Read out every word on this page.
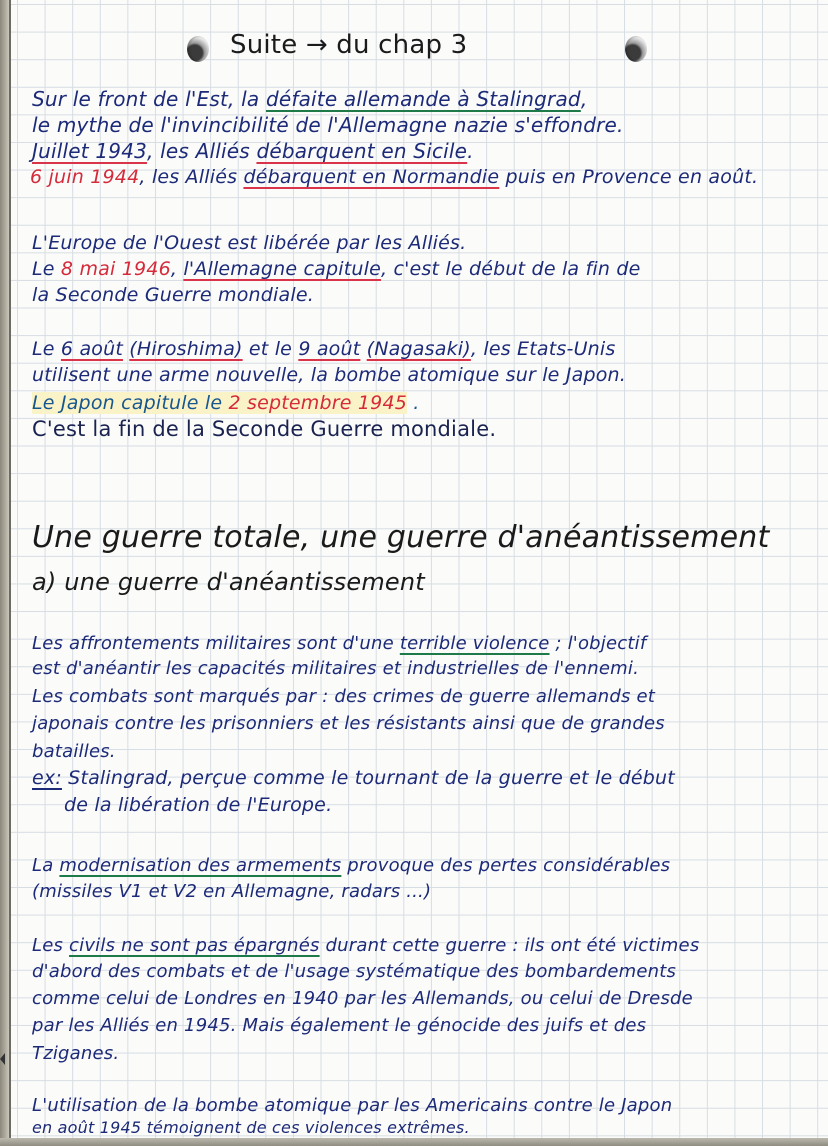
Suite → du chap 3
Sur le front de l'Est, la défaite allemande à Stalingrad,
le mythe de l'invincibilité de l'Allemagne nazie s'effondre.
Juillet 1943, les Alliés débarquent en Sicile.
6 juin 1944, les Alliés débarquent en Normandie puis en Provence en août.
L'Europe de l'Ouest est libérée par les Alliés.
Le 8 mai 1946, l'Allemagne capitule, c'est le début de la fin de
la Seconde Guerre mondiale.
Le 6 août (Hiroshima) et le 9 août (Nagasaki), les Etats-Unis
utilisent une arme nouvelle, la bombe atomique sur le Japon.
Le Japon capitule le 2 septembre 1945 .
C'est la fin de la Seconde Guerre mondiale.
Une guerre totale, une guerre d'anéantissement
a) une guerre d'anéantissement
Les affrontements militaires sont d'une terrible violence ; l'objectif
est d'anéantir les capacités militaires et industrielles de l'ennemi.
Les combats sont marqués par : des crimes de guerre allemands et
japonais contre les prisonniers et les résistants ainsi que de grandes
batailles.
ex: Stalingrad, perçue comme le tournant de la guerre et le début
de la libération de l'Europe.
La modernisation des armements provoque des pertes considérables
(missiles V1 et V2 en Allemagne, radars ...)
Les civils ne sont pas épargnés durant cette guerre : ils ont été victimes
d'abord des combats et de l'usage systématique des bombardements
comme celui de Londres en 1940 par les Allemands, ou celui de Dresde
par les Alliés en 1945. Mais également le génocide des juifs et des
Tziganes.
L'utilisation de la bombe atomique par les Americains contre le Japon
en août 1945 témoignent de ces violences extrêmes.
